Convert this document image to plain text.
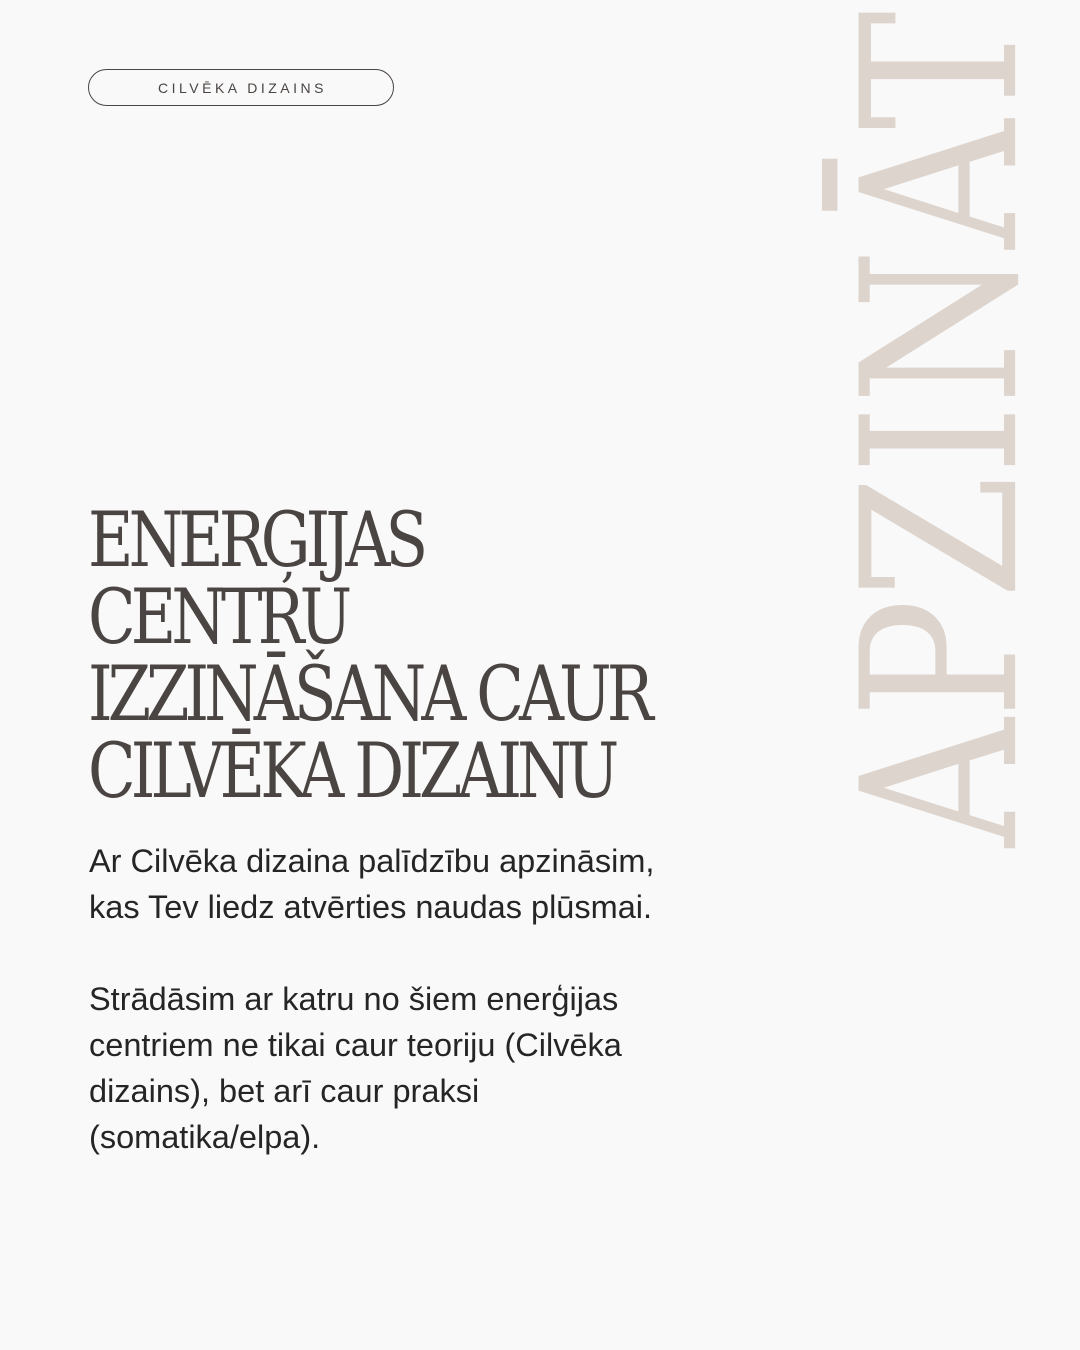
CILVĒKA DIZAINS APZINĀT
ENERĢIJAS
CENTRU
IZZINĀŠANA CAUR
CILVĒKA DIZAINU

Ar Cilvēka dizaina palīdzību apzināsim,
kas Tev liedz atvērties naudas plūsmai.

Strādāsim ar katru no šiem enerģijas
centriem ne tikai caur teoriju (Cilvēka
dizains), bet arī caur praksi
(somatika/elpa).
